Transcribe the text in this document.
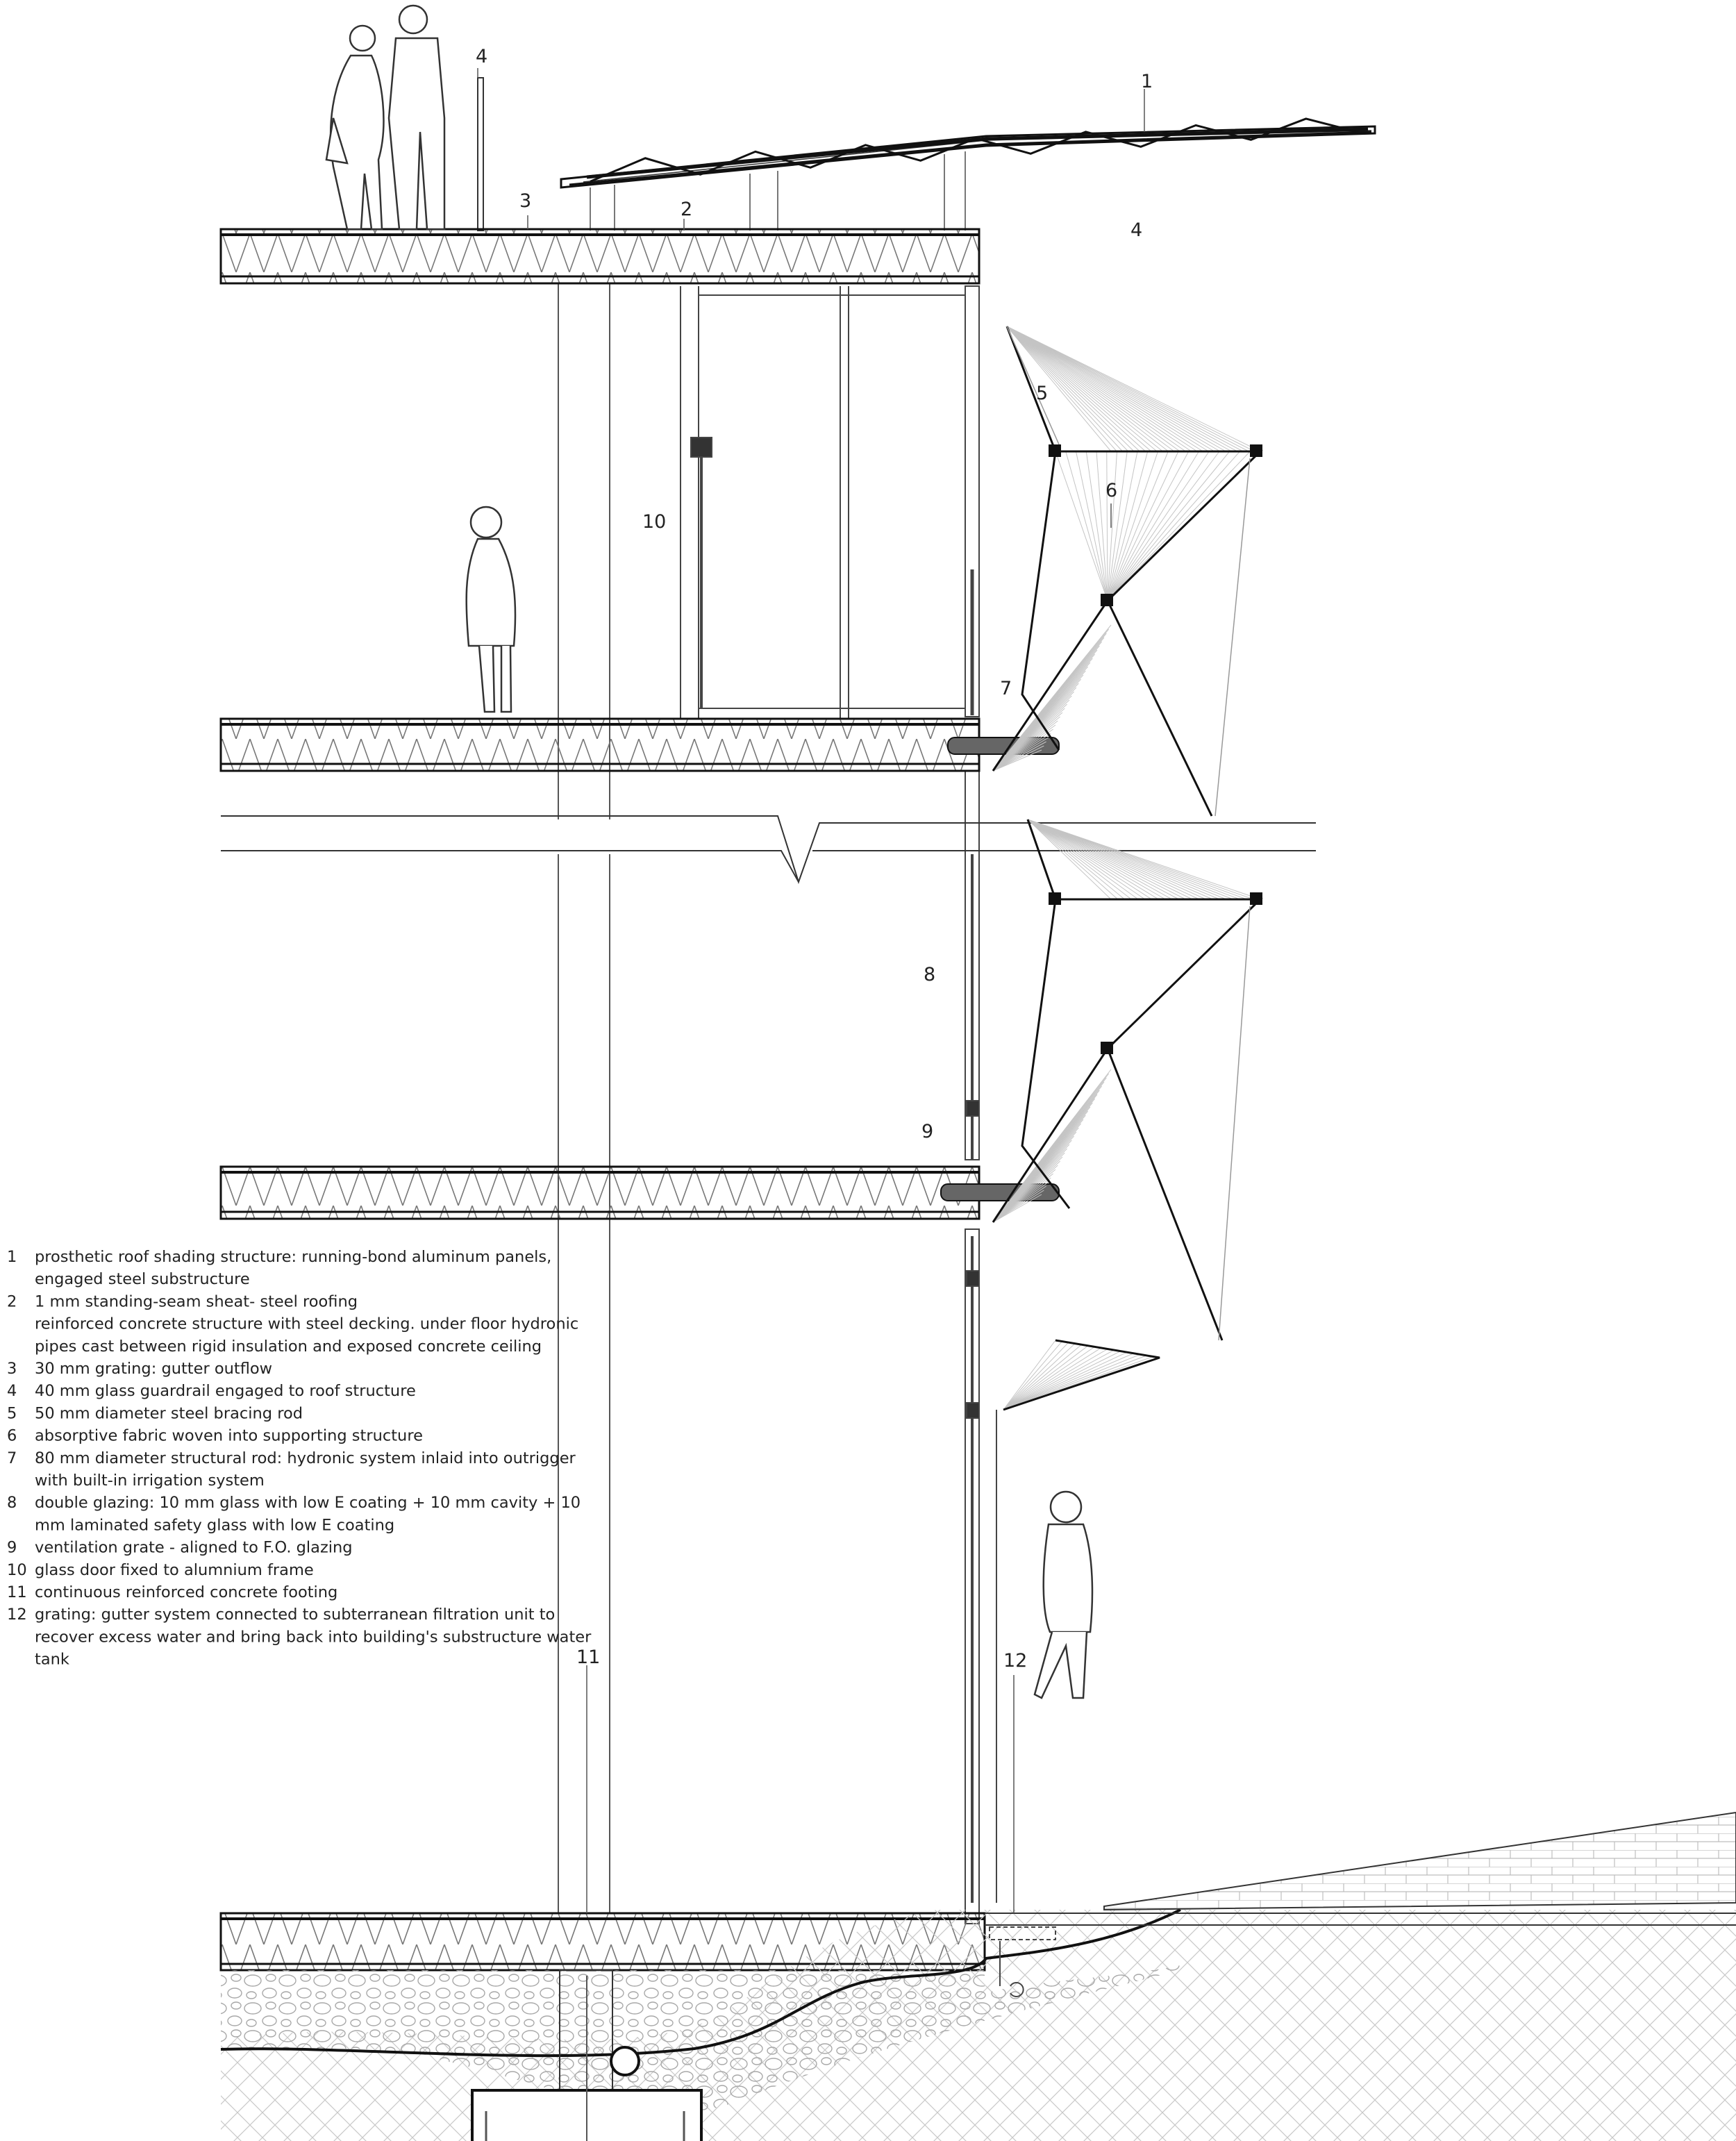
1
2
3
4
4
5
6
7
8
9
10
11	12
1 prosthetic roof shading structure: running-bond aluminum panels,
engaged steel substructure
2 1 mm standing-seam sheat- steel roofing
reinforced concrete structure with steel decking. under floor hydronic
pipes cast between rigid insulation and exposed concrete ceiling
3 30 mm grating: gutter outflow
4 40 mm glass guardrail engaged to roof structure
5 50 mm diameter steel bracing rod
6 absorptive fabric woven into supporting structure
7 80 mm diameter structural rod: hydronic system inlaid into outrigger
with built-in irrigation system
8 double glazing: 10 mm glass with low E coating + 10 mm cavity + 10
mm laminated safety glass with low E coating
9 ventilation grate - aligned to F.O. glazing
10 glass door fixed to alumnium frame
11 continuous reinforced concrete footing
12 grating: gutter system connected to subterranean filtration unit to
recover excess water and bring back into building's substructure water
tank
